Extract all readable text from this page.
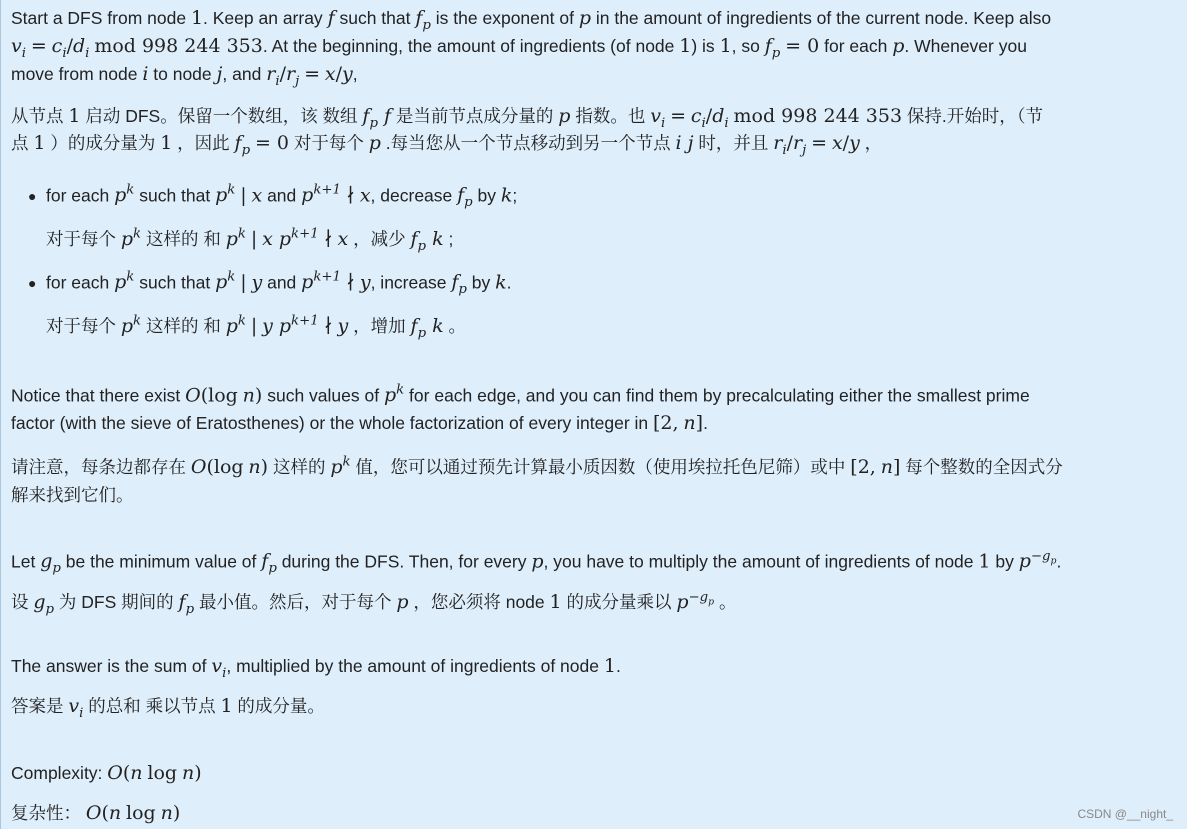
Start a DFS from node 1. Keep an array f such that $f_p$ is the exponent of p in the amount of ingredients of the current node. Keep also
$v_i = c_i/d_i$ mod 998 244 353. At the beginning, the amount of ingredients (of node 1) is 1, so $f_p = 0$ for each p. Whenever you
move from node i to node j, and $r_i/r_j = x/y$,
从节点 1 启动 DFS。保留一个数组，该 数组 $f_p$ f 是当前节点成分量的 p 指数。也 $v_i = c_i/d_i$ mod 998 244 353 保持.开始时，（节
点 1 ）的成分量为 1 ，因此 $f_p = 0$ 对于每个 p .每当您从一个节点移动到另一个节点 i j 时，并且 $r_i/r_j = x/y$ ，
● for each $p^k$ such that $p^k$ | x and $p^{k+1}$ ∤ x, decrease $f_p$ by k;
对于每个 $p^k$ 这样的 和 $p^k$ | x $p^{k+1}$ ∤ x ，减少 $f_p$ k ;
● for each $p^k$ such that $p^k$ | y and $p^{k+1}$ ∤ y, increase $f_p$ by k.
对于每个 $p^k$ 这样的 和 $p^k$ | y $p^{k+1}$ ∤ y ，增加 $f_p$ k 。
Notice that there exist O(log n) such values of $p^k$ for each edge, and you can find them by precalculating either the smallest prime
factor (with the sieve of Eratosthenes) or the whole factorization of every integer in [2, n].
请注意，每条边都存在 O(log n) 这样的 $p^k$ 值，您可以通过预先计算最小质因数（使用埃拉托色尼筛）或中 [2, n] 每个整数的全因式分
解来找到它们。
Let $g_p$ be the minimum value of $f_p$ during the DFS. Then, for every p, you have to multiply the amount of ingredients of node 1 by $p^{-g_p}$.
设 $g_p$ 为 DFS 期间的 $f_p$ 最小值。然后，对于每个 p ，您必须将 node 1 的成分量乘以 $p^{-g_p}$ 。
The answer is the sum of $v_i$, multiplied by the amount of ingredients of node 1.
答案是 $v_i$ 的总和 乘以节点 1 的成分量。
Complexity: O(n log n)
复杂性： O(n log n)	CSDN @__night_
